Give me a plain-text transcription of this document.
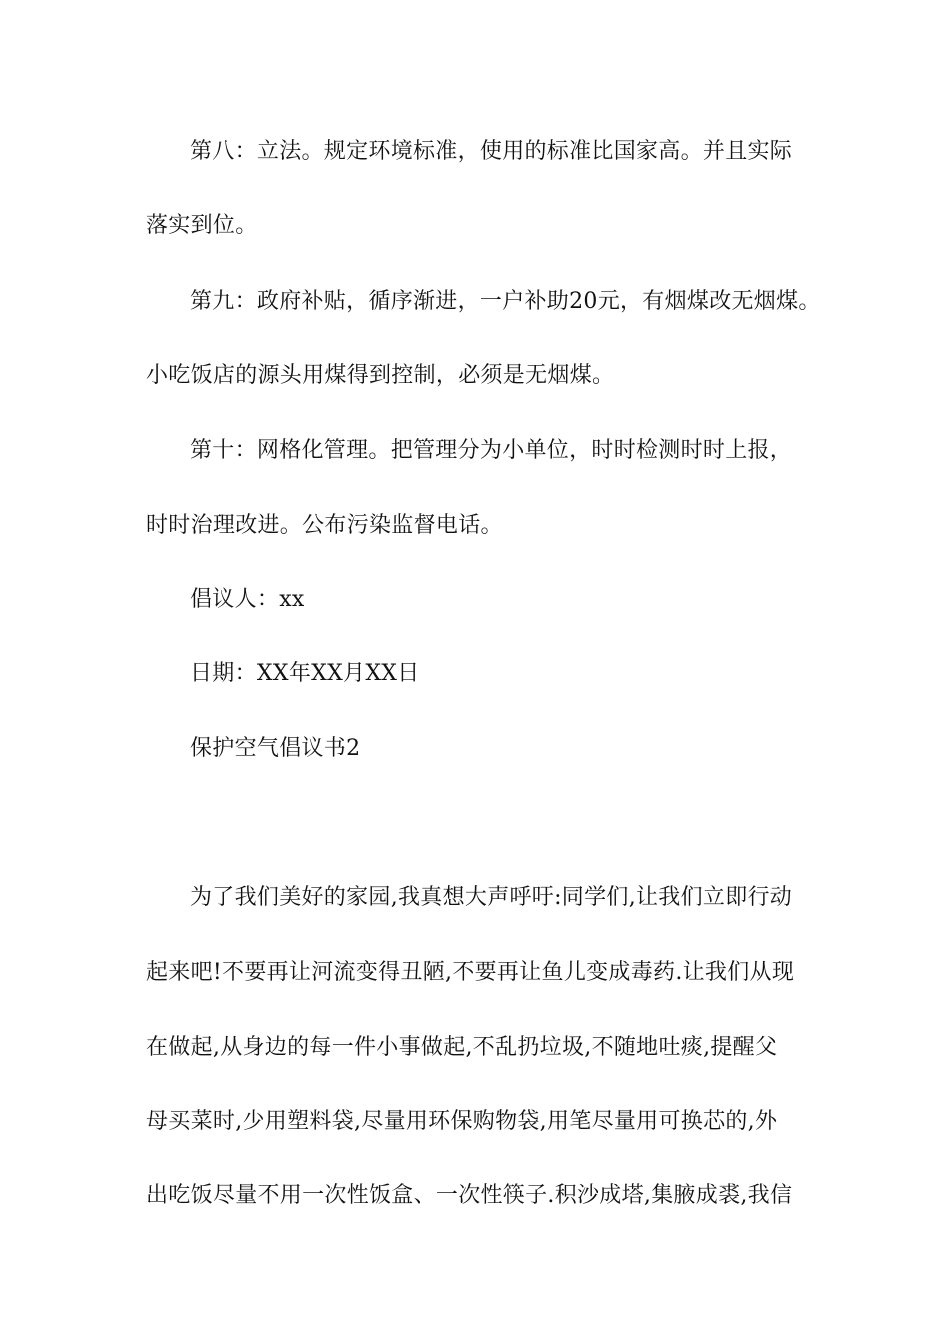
第八：立法。规定环境标准，使用的标准比国家高。并且实际
落实到位。
第九：政府补贴，循序渐进，一户补助20元，有烟煤改无烟煤。
小吃饭店的源头用煤得到控制，必须是无烟煤。
第十：网格化管理。把管理分为小单位，时时检测时时上报，
时时治理改进。公布污染监督电话。
倡议人：xx
日期：XX年XX月XX日
保护空气倡议书2
为了我们美好的家园,我真想大声呼吁:同学们,让我们立即行动
起来吧!不要再让河流变得丑陋,不要再让鱼儿变成毒药.让我们从现
在做起,从身边的每一件小事做起,不乱扔垃圾,不随地吐痰,提醒父
母买菜时,少用塑料袋,尽量用环保购物袋,用笔尽量用可换芯的,外
出吃饭尽量不用一次性饭盒、一次性筷子.积沙成塔,集腋成裘,我信
